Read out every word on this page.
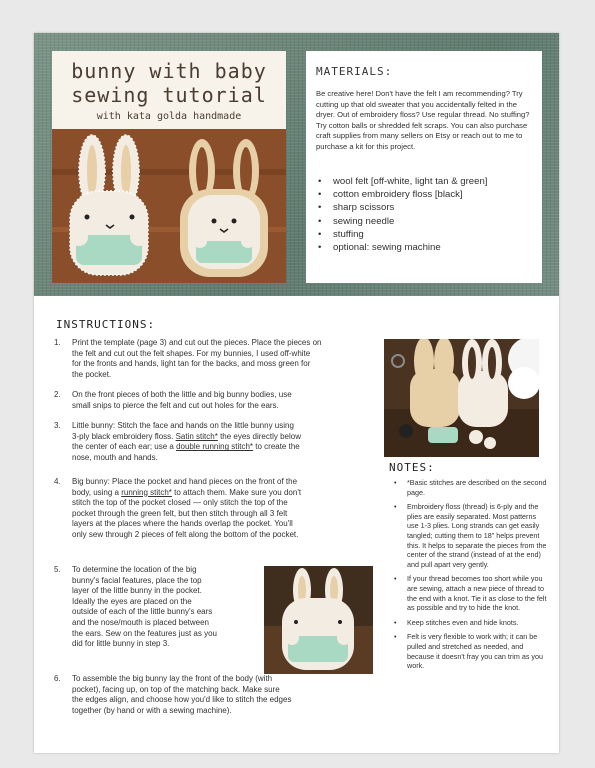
bunny with baby
sewing tutorial
with kata golda handmade
MATERIALS:

Be creative here! Don't have the felt I am recommending? Try cutting up that old sweater that you accidentally felted in the dryer. Out of embroidery floss? Use regular thread. No stuffing? Try cotton balls or shredded felt scraps. You can also purchase craft supplies from many sellers on Etsy or reach out to me to purchase a kit for this project.

• wool felt [off-white, light tan & green]
• cotton embroidery floss [black]
• sharp scissors
• sewing needle
• stuffing
• optional: sewing machine
INSTRUCTIONS:
1. Print the template (page 3) and cut out the pieces. Place the pieces on
the felt and cut out the felt shapes. For my bunnies, I used off-white
for the fronts and hands, light tan for the backs, and moss green for
the pocket.
2. On the front pieces of both the little and big bunny bodies, use
small snips to pierce the felt and cut out holes for the ears.
3. Little bunny: Stitch the face and hands on the little bunny using
3-ply black embroidery floss. Satin stitch* the eyes directly below
the center of each ear; use a double running stitch* to create the
nose, mouth and hands.
4. Big bunny: Place the pocket and hand pieces on the front of the
body, using a running stitch* to attach them. Make sure you don't
stitch the top of the pocket closed — only stitch the top of the
pocket through the green felt, but then stitch through all 3 felt
layers at the places where the hands overlap the pocket. You'll
only sew through 2 pieces of felt along the bottom of the pocket.
5. To determine the location of the big
bunny's facial features, place the top
layer of the little bunny in the pocket.
Ideally the eyes are placed on the
outside of each of the little bunny's ears
and the nose/mouth is placed between
the ears. Sew on the features just as you
did for little bunny in step 3.
6. To assemble the big bunny lay the front of the body (with
pocket), facing up, on top of the matching back. Make sure
the edges align, and choose how you'd like to stitch the edges
together (by hand or with a sewing machine).
NOTES:
• *Basic stitches are described on the second page.
• Embroidery floss (thread) is 6-ply and the plies are easily separated. Most patterns use 1-3 plies. Long strands can get easily tangled; cutting them to 18" helps prevent this. It helps to separate the pieces from the center of the strand (instead of at the end) and pull apart very gently.
• If your thread becomes too short while you are sewing, attach a new piece of thread to the end with a knot. Tie it as close to the felt as possible and try to hide the knot.
• Keep stitches even and hide knots.
• Felt is very flexible to work with; it can be pulled and stretched as needed, and because it doesn't fray you can trim as you work.
